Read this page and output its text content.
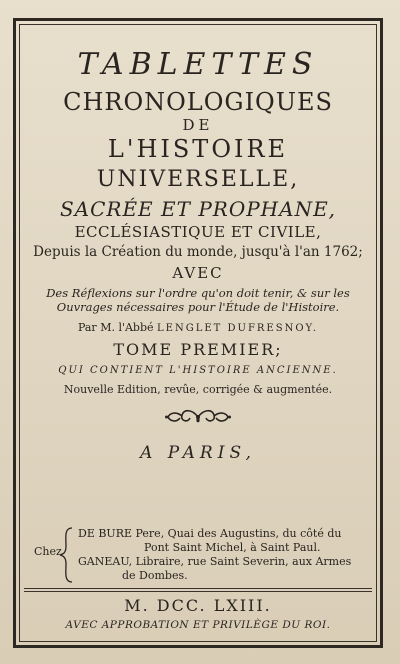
TABLETTES
CHRONOLOGIQUES
DE
L'HISTOIRE
UNIVERSELLE,
SACRÉE ET PROPHANE,
ECCLÉSIASTIQUE ET CIVILE,
Depuis la Création du monde, jusqu'à l'an 1762;
AVEC
Des Réflexions sur l'ordre qu'on doit tenir, & sur les
Ouvrages nécessaires pour l'Étude de l'Histoire.
Par M. l'Abbé LENGLET DUFRESNOY.
TOME PREMIER;
QUI CONTIENT L'HISTOIRE ANCIENNE.
Nouvelle Edition, revûe, corrigée & augmentée.
A PARIS,
Chez
DE BURE Pere, Quai des Augustins, du côté du
Pont Saint Michel, à Saint Paul.
GANEAU, Libraire, rue Saint Severin, aux Armes
de Dombes.
M. DCC. LXIII.
AVEC APPROBATION ET PRIVILÈGE DU ROI.
